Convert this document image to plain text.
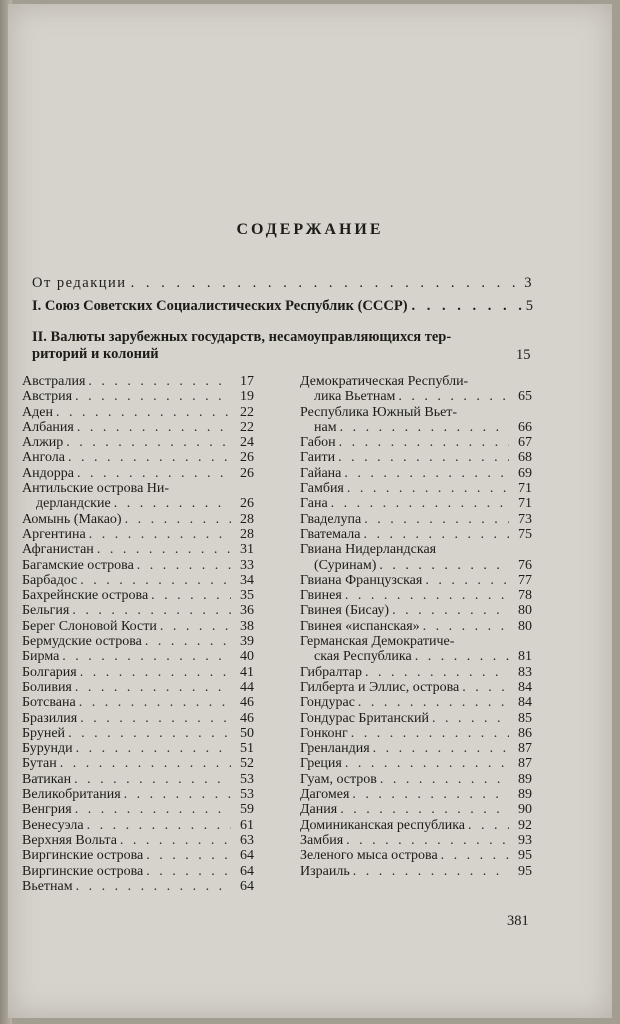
СОДЕРЖАНИЕ
От редакции . . .	3
I. Союз Советских Социалистических Республик (СССР) . . .	5
II. Валюты зарубежных государств, несамоуправляющихся тер-
риторий и колоний	15
Австралия . . .	17
Австрия . . .	19
Аден . . .	22
Албания . . .	22
Алжир . . .	24
Ангола . . .	26
Андорра . . .	26
Антильские острова Ни-
дерландские . . .	26
Аомынь (Макао) . . .	28
Аргентина . . .	28
Афганистан . . .	31
Багамские острова . . .	33
Барбадос . . .	34
Бахрейнские острова . . .	35
Бельгия . . .	36
Берег Слоновой Кости . . .	38
Бермудские острова . . .	39
Бирма . . .	40
Болгария . . .	41
Боливия . . .	44
Ботсвана . . .	46
Бразилия . . .	46
Бруней . . .	50
Бурунди . . .	51
Бутан . . .	52
Ватикан . . .	53
Великобритания . . .	53
Венгрия . . .	59
Венесуэла . . .	61
Верхняя Вольта . . .	63
Виргинские острова . . .	64
Виргинские острова . . .	64
Вьетнам . . .	64
Демократическая Республи-
лика Вьетнам . . .	65
Республика Южный Вьет-
нам . . .	66
Габон . . .	67
Гаити . . .	68
Гайана . . .	69
Гамбия . . .	71
Гана . . .	71
Гваделупа . . .	73
Гватемала . . .	75
Гвиана Нидерландская
(Суринам) . . .	76
Гвиана Французская . . .	77
Гвинея . . .	78
Гвинея (Бисау) . . .	80
Гвинея «испанская» . . .	80
Германская Демократиче-
ская Республика . . .	81
Гибралтар . . .	83
Гилберта и Эллис, острова . . .	84
Гондурас . . .	84
Гондурас Британский . . .	85
Гонконг . . .	86
Гренландия . . .	87
Греция . . .	87
Гуам, остров . . .	89
Дагомея . . .	89
Дания . . .	90
Доминиканская республика . . .	92
Замбия . . .	93
Зеленого мыса острова . . .	95
Израиль . . .	95
381
